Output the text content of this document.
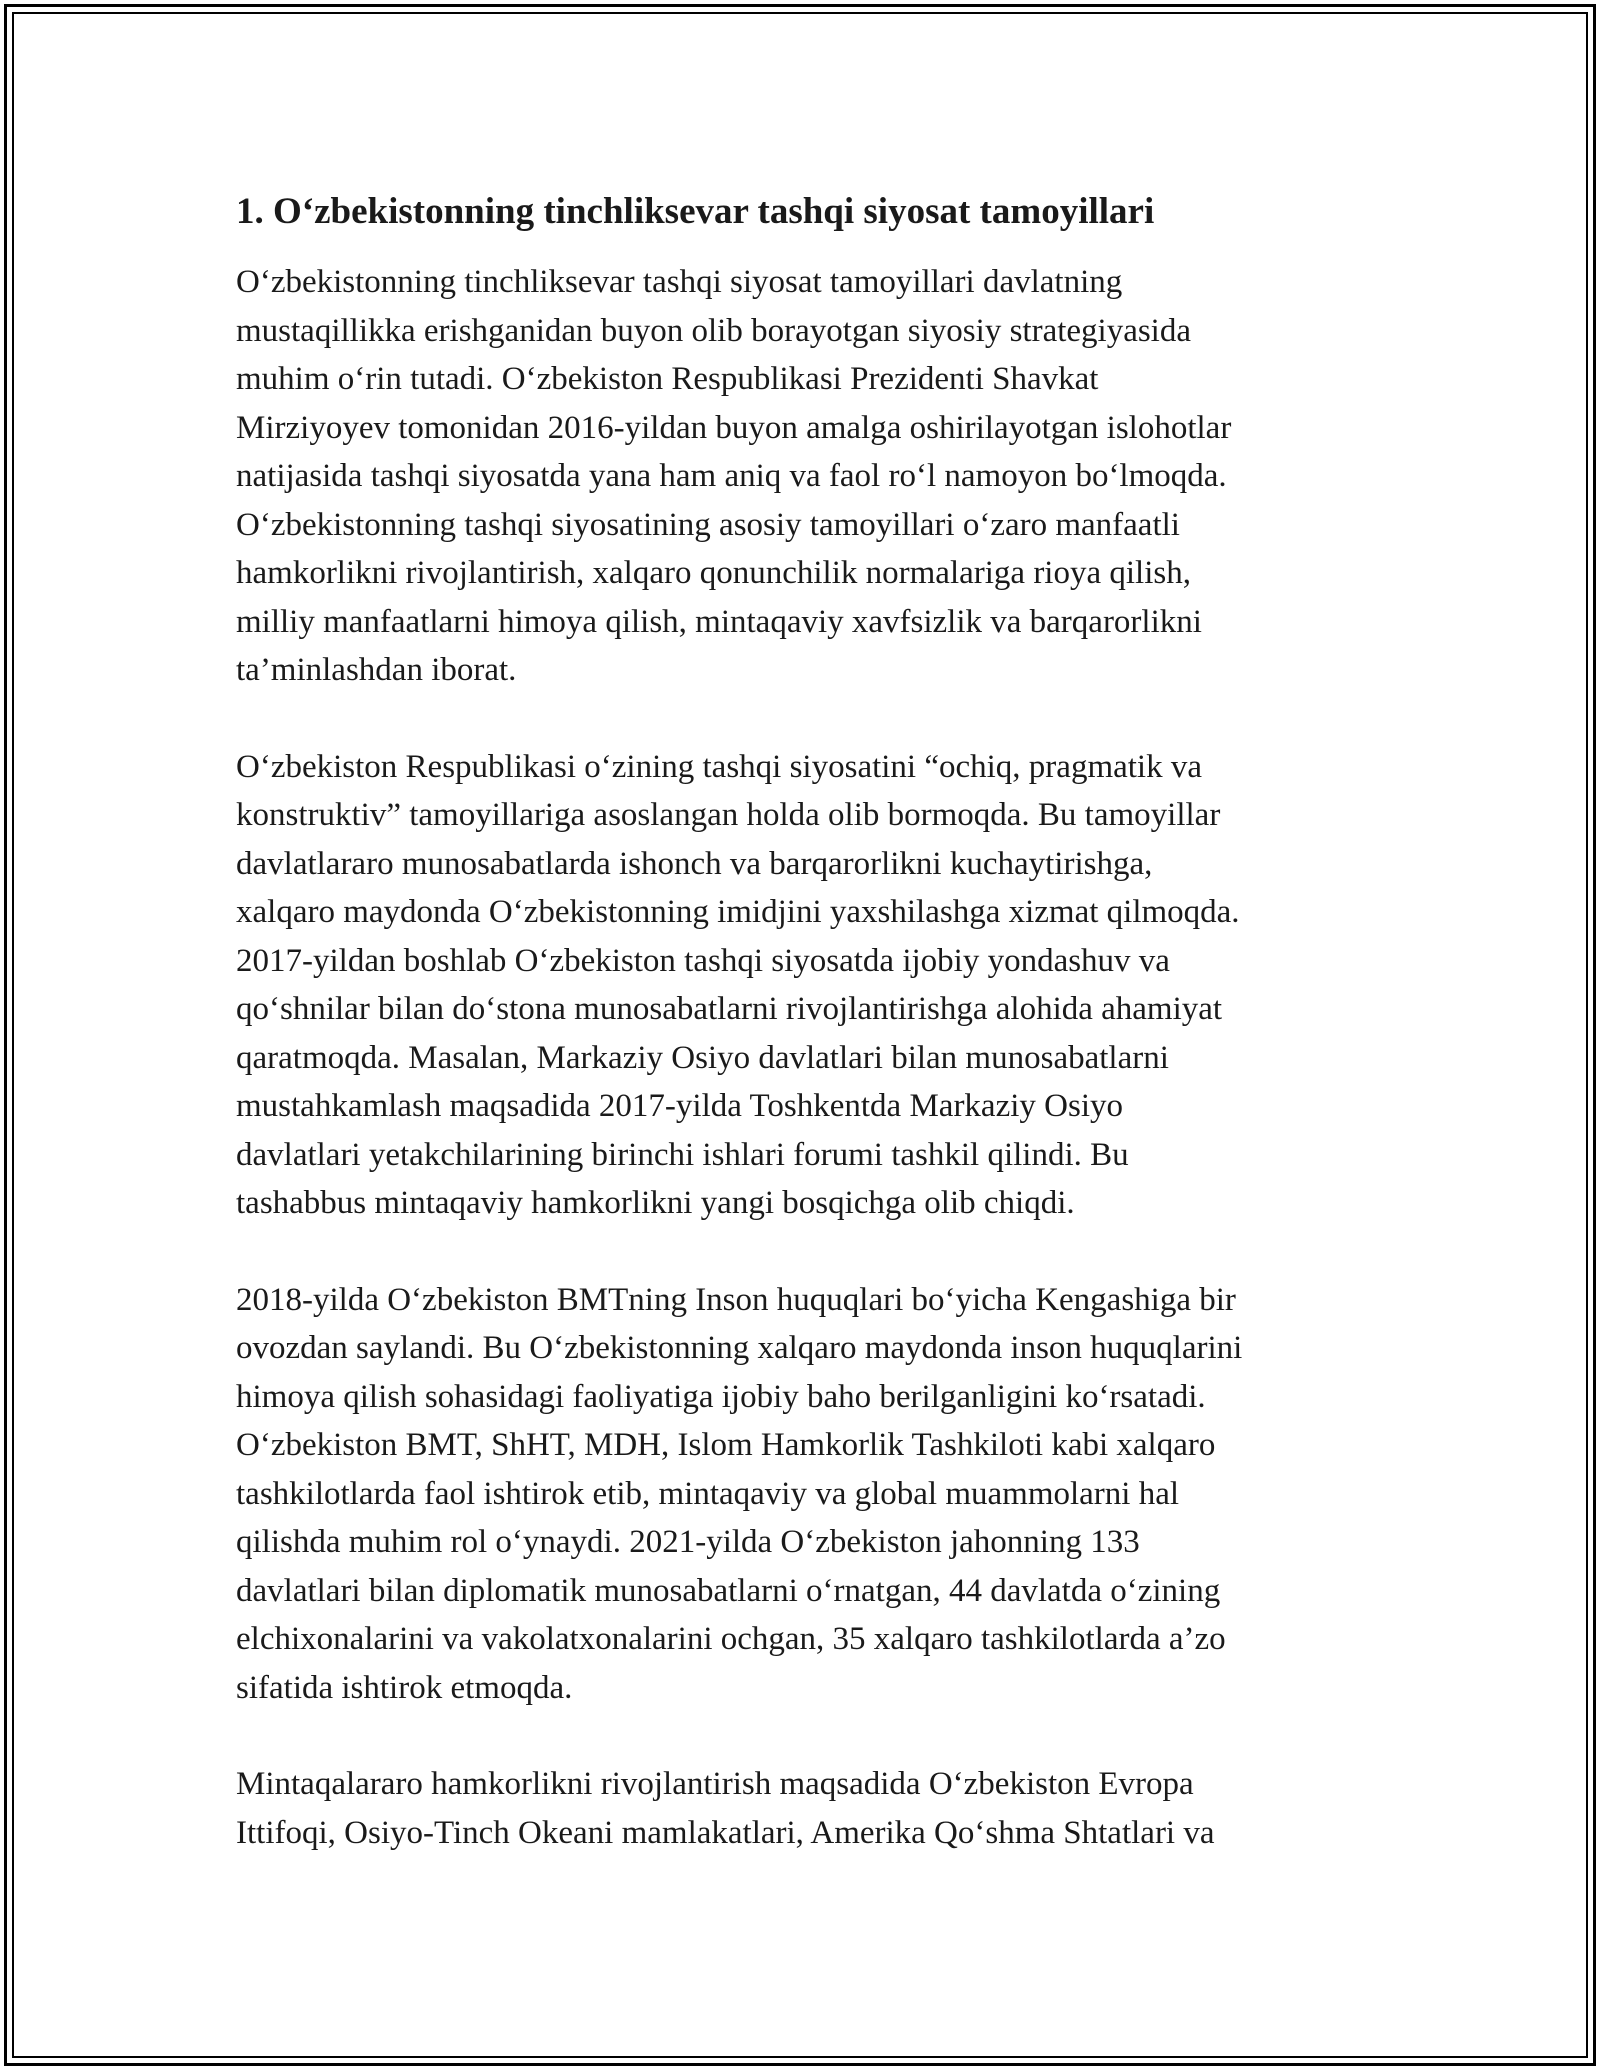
1. O‘zbekistonning tinchliksevar tashqi siyosat tamoyillari
O‘zbekistonning tinchliksevar tashqi siyosat tamoyillari davlatning
mustaqillikka erishganidan buyon olib borayotgan siyosiy strategiyasida
muhim o‘rin tutadi. O‘zbekiston Respublikasi Prezidenti Shavkat
Mirziyoyev tomonidan 2016-yildan buyon amalga oshirilayotgan islohotlar
natijasida tashqi siyosatda yana ham aniq va faol ro‘l namoyon bo‘lmoqda.
O‘zbekistonning tashqi siyosatining asosiy tamoyillari o‘zaro manfaatli
hamkorlikni rivojlantirish, xalqaro qonunchilik normalariga rioya qilish,
milliy manfaatlarni himoya qilish, mintaqaviy xavfsizlik va barqarorlikni
ta’minlashdan iborat.
O‘zbekiston Respublikasi o‘zining tashqi siyosatini “ochiq, pragmatik va
konstruktiv” tamoyillariga asoslangan holda olib bormoqda. Bu tamoyillar
davlatlararo munosabatlarda ishonch va barqarorlikni kuchaytirishga,
xalqaro maydonda O‘zbekistonning imidjini yaxshilashga xizmat qilmoqda.
2017-yildan boshlab O‘zbekiston tashqi siyosatda ijobiy yondashuv va
qo‘shnilar bilan do‘stona munosabatlarni rivojlantirishga alohida ahamiyat
qaratmoqda. Masalan, Markaziy Osiyo davlatlari bilan munosabatlarni
mustahkamlash maqsadida 2017-yilda Toshkentda Markaziy Osiyo
davlatlari yetakchilarining birinchi ishlari forumi tashkil qilindi. Bu
tashabbus mintaqaviy hamkorlikni yangi bosqichga olib chiqdi.
2018-yilda O‘zbekiston BMTning Inson huquqlari bo‘yicha Kengashiga bir
ovozdan saylandi. Bu O‘zbekistonning xalqaro maydonda inson huquqlarini
himoya qilish sohasidagi faoliyatiga ijobiy baho berilganligini ko‘rsatadi.
O‘zbekiston BMT, ShHT, MDH, Islom Hamkorlik Tashkiloti kabi xalqaro
tashkilotlarda faol ishtirok etib, mintaqaviy va global muammolarni hal
qilishda muhim rol o‘ynaydi. 2021-yilda O‘zbekiston jahonning 133
davlatlari bilan diplomatik munosabatlarni o‘rnatgan, 44 davlatda o‘zining
elchixonalarini va vakolatxonalarini ochgan, 35 xalqaro tashkilotlarda a’zo
sifatida ishtirok etmoqda.
Mintaqalararo hamkorlikni rivojlantirish maqsadida O‘zbekiston Evropa
Ittifoqi, Osiyo-Tinch Okeani mamlakatlari, Amerika Qo‘shma Shtatlari va
